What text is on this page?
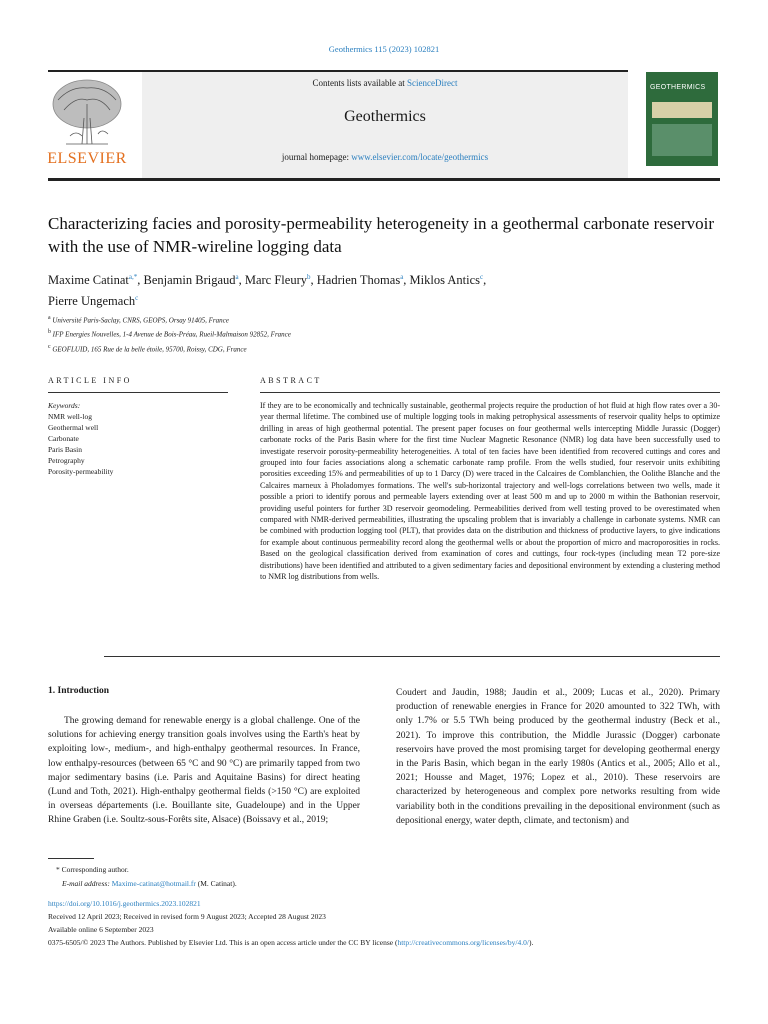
Geothermics 115 (2023) 102821
ELSEVIER
Contents lists available at ScienceDirect
Geothermics
journal homepage: www.elsevier.com/locate/geothermics
GEOTHERMICS
Characterizing facies and porosity-permeability heterogeneity in a geothermal carbonate reservoir with the use of NMR-wireline logging data
Maxime Catinat$^{a,*}$, Benjamin Brigaud$^a$, Marc Fleury$^b$, Hadrien Thomas$^a$, Miklos Antics$^c$,
Pierre Ungemach$^c$
$^a$ Université Paris-Saclay, CNRS, GEOPS, Orsay 91405, France
$^b$ IFP Energies Nouvelles, 1-4 Avenue de Bois-Préau, Rueil-Malmaison 92852, France
$^c$ GEOFLUID, 165 Rue de la belle étoile, 95700, Roissy, CDG, France
ARTICLE INFO	ABSTRACT
Keywords:
NMR well-log
Geothermal well
Carbonate
Paris Basin
Petrography
Porosity-permeability
If they are to be economically and technically sustainable, geothermal projects require the production of hot fluid at high flow rates over a 30-year thermal lifetime. The combined use of multiple logging tools in making petrophysical assessments of reservoir quality helps to optimize drilling in areas of high geothermal potential. The present paper focuses on four geothermal wells intercepting Middle Jurassic (Dogger) carbonate rocks of the Paris Basin where for the first time Nuclear Magnetic Resonance (NMR) log data have been successfully used to investigate reservoir porosity-permeability heterogeneities. A total of ten facies have been identified from recovered cuttings and cores and grouped into four facies associations along a schematic carbonate ramp profile. From the wells studied, four reservoir units exhibiting porosities exceeding 15% and permeabilities of up to 1 Darcy (D) were traced in the Calcaires de Comblanchien, the Oolithe Blanche and the Calcaires marneux à Pholadomyes formations. The well's sub-horizontal trajectory and well-logs correlations between two wells, made it possible a priori to identify porous and permeable layers extending over at least 500 m and up to 2000 m within the Bathonian reservoir, providing useful pointers for further 3D reservoir geomodeling. Permeabilities derived from well testing proved to be overestimated when compared with NMR-derived permeabilities, illustrating the upscaling problem that is invariably a challenge in carbonate systems. NMR can be combined with production logging tool (PLT), that provides data on the distribution and thickness of productive layers, to give indications for example about continuous permeability record along the geothermal wells or about the proportion of micro and macroporosities in rocks. Based on the geological classification derived from examination of cores and cuttings, four rock-types (including mean T2 pore-size distributions) have been identified and attributed to a given sedimentary facies and depositional environment by extending a clustering method to NMR log distributions from wells.
1. Introduction
The growing demand for renewable energy is a global challenge. One of the solutions for achieving energy transition goals involves using the Earth's heat by exploiting low-, medium-, and high-enthalpy geothermal resources. In France, low enthalpy-resources (between 65 °C and 90 °C) are primarily tapped from two major sedimentary basins (i.e. Paris and Aquitaine Basins) for direct heating (Lund and Toth, 2021). High-enthalpy geothermal fields (>150 °C) are exploited in overseas départements (i.e. Bouillante site, Guadeloupe) and in the Upper Rhine Graben (i.e. Soultz-sous-Forêts site, Alsace) (Boissavy et al., 2019;
Coudert and Jaudin, 1988; Jaudin et al., 2009; Lucas et al., 2020). Primary production of renewable energies in France for 2020 amounted to 322 TWh, with only 1.7% or 5.5 TWh being produced by the geothermal industry (Beck et al., 2021). To improve this contribution, the Middle Jurassic (Dogger) carbonate reservoirs have proved the most promising target for developing geothermal energy in the Paris Basin, which began in the early 1980s (Antics et al., 2005; Allo et al., 2021; Housse and Maget, 1976; Lopez et al., 2010). These reservoirs are characterized by heterogeneous and complex pore networks resulting from wide variability both in the conditions prevailing in the depositional environment (such as depositional energy, water depth, climate, and tectonism) and
* Corresponding author.
E-mail address: Maxime-catinat@hotmail.fr (M. Catinat).
https://doi.org/10.1016/j.geothermics.2023.102821
Received 12 April 2023; Received in revised form 9 August 2023; Accepted 28 August 2023
Available online 6 September 2023
0375-6505/© 2023 The Authors. Published by Elsevier Ltd. This is an open access article under the CC BY license (http://creativecommons.org/licenses/by/4.0/).
